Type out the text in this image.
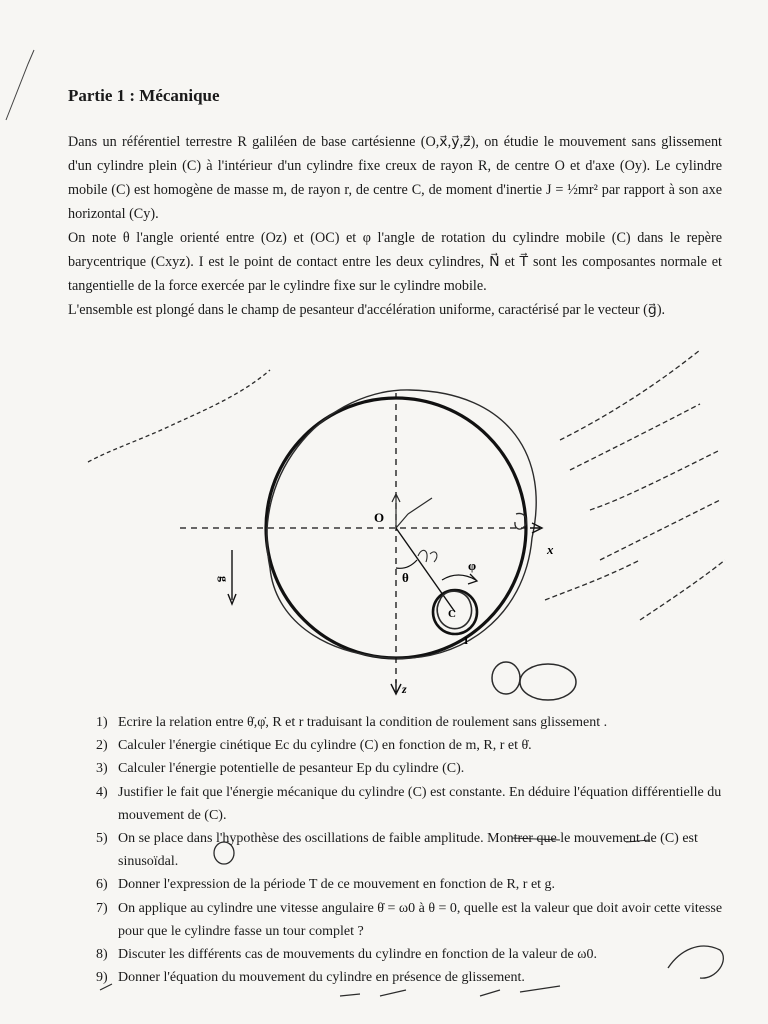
Partie 1 : Mécanique

Dans un référentiel terrestre R galiléen de base cartésienne (O,x⃗,y⃗,z⃗), on étudie le mouvement sans glissement d'un cylindre plein (C) à l'intérieur d'un cylindre fixe creux de rayon R, de centre O et d'axe (Oy). Le cylindre mobile (C) est homogène de masse m, de rayon r, de centre C, de moment d'inertie J = ½mr² par rapport à son axe horizontal (Cy).

On note θ l'angle orienté entre (Oz) et (OC) et φ l'angle de rotation du cylindre mobile (C) dans le repère barycentrique (Cxyz). I est le point de contact entre les deux cylindres, N⃗ et T⃗ sont les composantes normale et tangentielle de la force exercée par le cylindre fixe sur le cylindre mobile.

L'ensemble est plongé dans le champ de pesanteur d'accélération uniforme, caractérisé par le vecteur (g⃗).

x
z
O
θ
C
I
φ
g⃗
1) Ecrire la relation entre θ̇,φ̇, R et r traduisant la condition de roulement sans glissement .
2) Calculer l'énergie cinétique Ec du cylindre (C) en fonction de m, R, r et θ̇.
3) Calculer l'énergie potentielle de pesanteur Ep du cylindre (C).
4) Justifier le fait que l'énergie mécanique du cylindre (C) est constante. En déduire l'équation différentielle du mouvement de (C).
5) On se place dans l'hypothèse des oscillations de faible amplitude. Montrer que le mouvement de (C) est sinusoïdal.
6) Donner l'expression de la période T de ce mouvement en fonction de R, r et g.
7) On applique au cylindre une vitesse angulaire θ̇ = ω0 à θ = 0, quelle est la valeur que doit avoir cette vitesse pour que le cylindre fasse un tour complet ?
8) Discuter les différents cas de mouvements du cylindre en fonction de la valeur de ω0.
9) Donner l'équation du mouvement du cylindre en présence de glissement.
